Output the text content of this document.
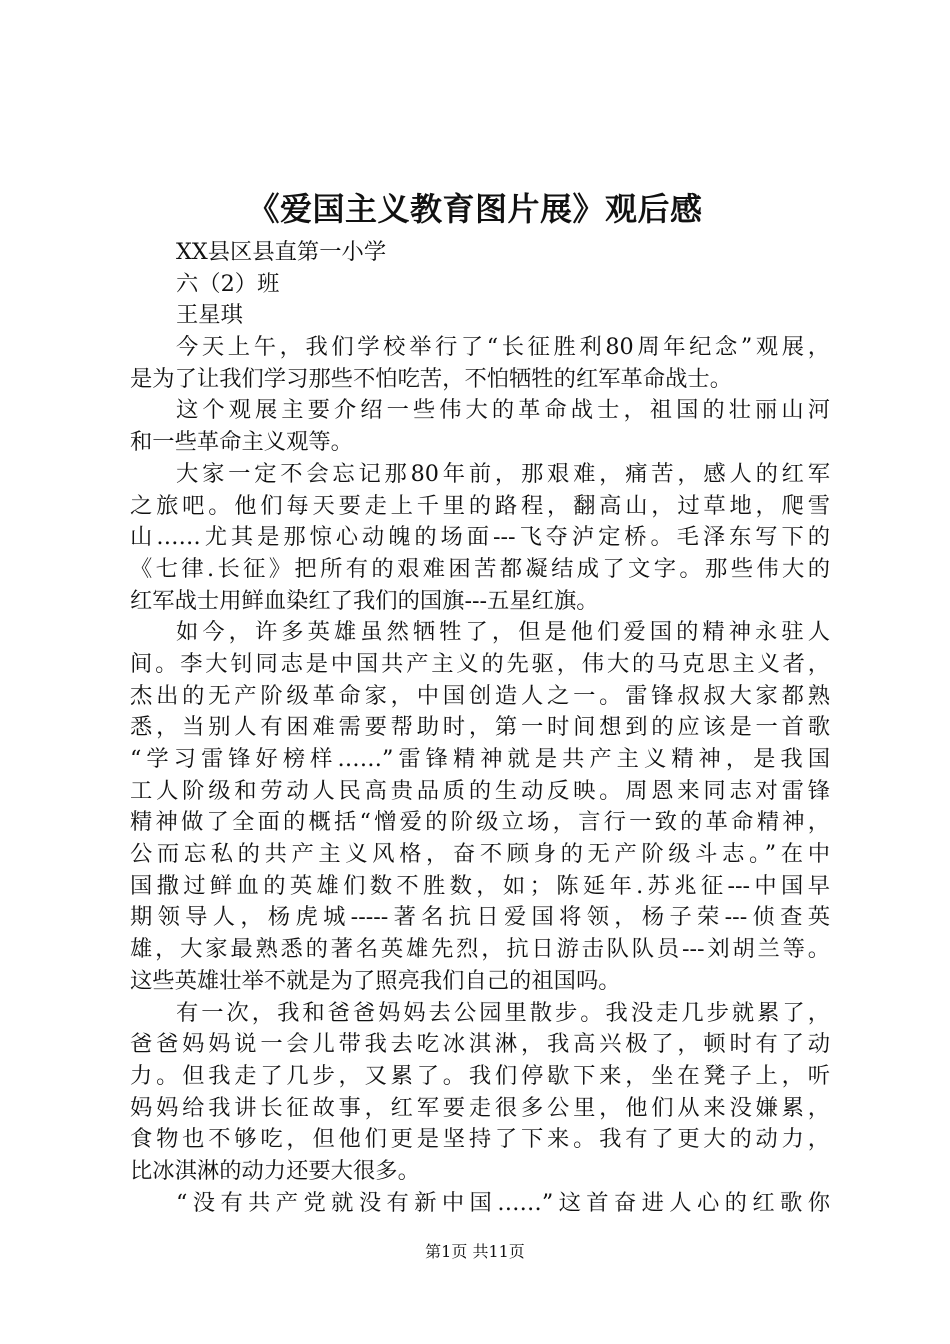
《爱国主义教育图片展》观后感
XX县区县直第一小学
六（2）班
王星琪
今天上午，我们学校举行了“长征胜利80周年纪念”观展，
是为了让我们学习那些不怕吃苦，不怕牺牲的红军革命战士。
这个观展主要介绍一些伟大的革命战士，祖国的壮丽山河
和一些革命主义观等。
大家一定不会忘记那80年前，那艰难，痛苦，感人的红军
之旅吧。他们每天要走上千里的路程，翻高山，过草地，爬雪
山……尤其是那惊心动魄的场面---飞夺泸定桥。毛泽东写下的
《七律.长征》把所有的艰难困苦都凝结成了文字。那些伟大的
红军战士用鲜血染红了我们的国旗---五星红旗。
如今，许多英雄虽然牺牲了，但是他们爱国的精神永驻人
间。李大钊同志是中国共产主义的先驱，伟大的马克思主义者，
杰出的无产阶级革命家，中国创造人之一。雷锋叔叔大家都熟
悉，当别人有困难需要帮助时，第一时间想到的应该是一首歌
“学习雷锋好榜样……”雷锋精神就是共产主义精神，是我国
工人阶级和劳动人民高贵品质的生动反映。周恩来同志对雷锋
精神做了全面的概括“憎爱的阶级立场，言行一致的革命精神，
公而忘私的共产主义风格，奋不顾身的无产阶级斗志。”在中
国撒过鲜血的英雄们数不胜数，如；陈延年.苏兆征---中国早
期领导人，杨虎城-----著名抗日爱国将领，杨子荣---侦查英
雄，大家最熟悉的著名英雄先烈，抗日游击队队员---刘胡兰等。
这些英雄壮举不就是为了照亮我们自己的祖国吗。
有一次，我和爸爸妈妈去公园里散步。我没走几步就累了，
爸爸妈妈说一会儿带我去吃冰淇淋，我高兴极了，顿时有了动
力。但我走了几步，又累了。我们停歇下来，坐在凳子上，听
妈妈给我讲长征故事，红军要走很多公里，他们从来没嫌累，
食物也不够吃，但他们更是坚持了下来。我有了更大的动力，
比冰淇淋的动力还要大很多。
“没有共产党就没有新中国……”这首奋进人心的红歌你
第1页 共11页
